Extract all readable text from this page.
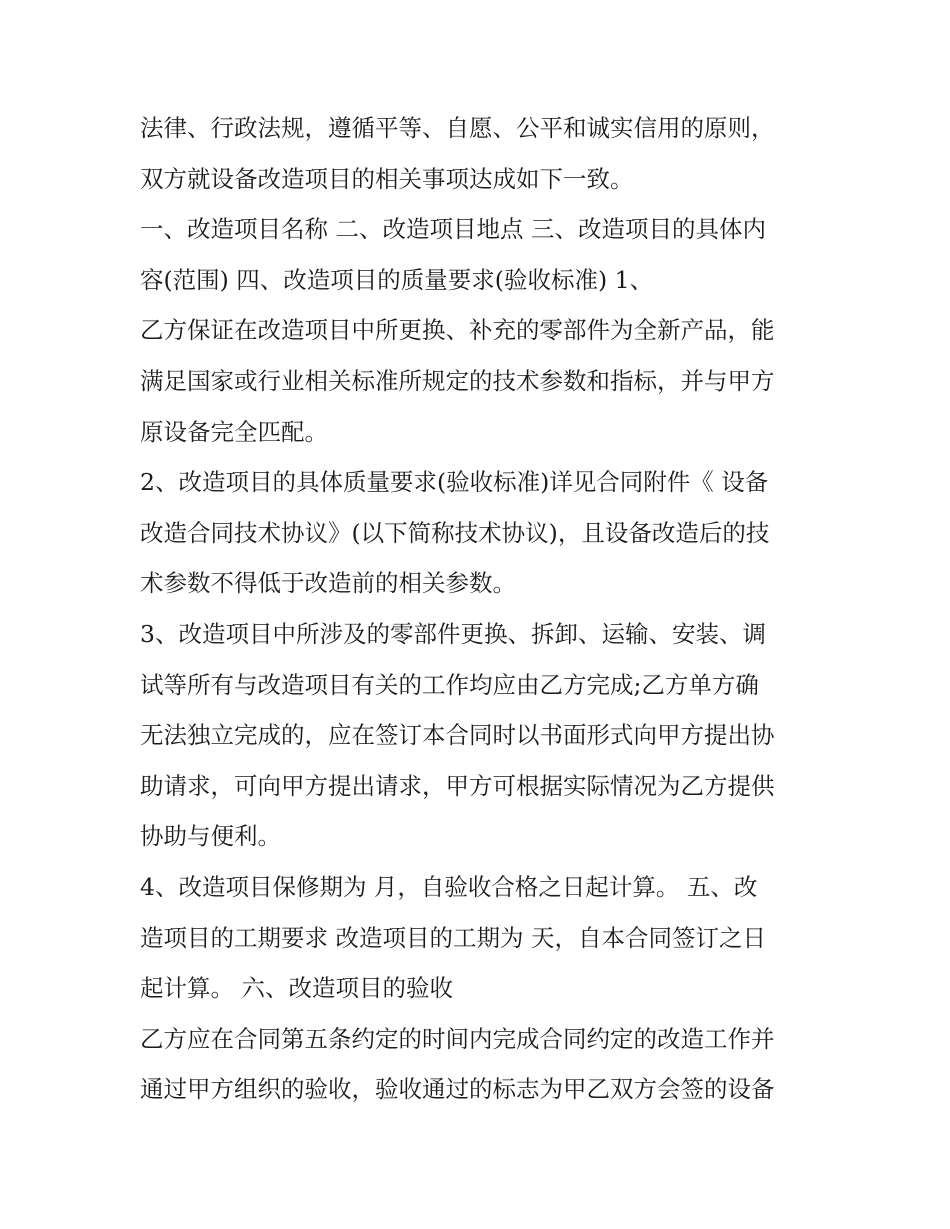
法律、行政法规，遵循平等、自愿、公平和诚实信用的原则，
双方就设备改造项目的相关事项达成如下一致。
一、改造项目名称 二、改造项目地点 三、改造项目的具体内
容(范围) 四、改造项目的质量要求(验收标准) 1、
乙方保证在改造项目中所更换、补充的零部件为全新产品，能
满足国家或行业相关标准所规定的技术参数和指标，并与甲方
原设备完全匹配。
2、改造项目的具体质量要求(验收标准)详见合同附件《 设备
改造合同技术协议》(以下简称技术协议)，且设备改造后的技
术参数不得低于改造前的相关参数。
3、改造项目中所涉及的零部件更换、拆卸、运输、安装、调
试等所有与改造项目有关的工作均应由乙方完成;乙方单方确
无法独立完成的，应在签订本合同时以书面形式向甲方提出协
助请求，可向甲方提出请求，甲方可根据实际情况为乙方提供
协助与便利。
4、改造项目保修期为 月，自验收合格之日起计算。 五、改
造项目的工期要求 改造项目的工期为 天，自本合同签订之日
起计算。 六、改造项目的验收
乙方应在合同第五条约定的时间内完成合同约定的改造工作并
通过甲方组织的验收，验收通过的标志为甲乙双方会签的设备
